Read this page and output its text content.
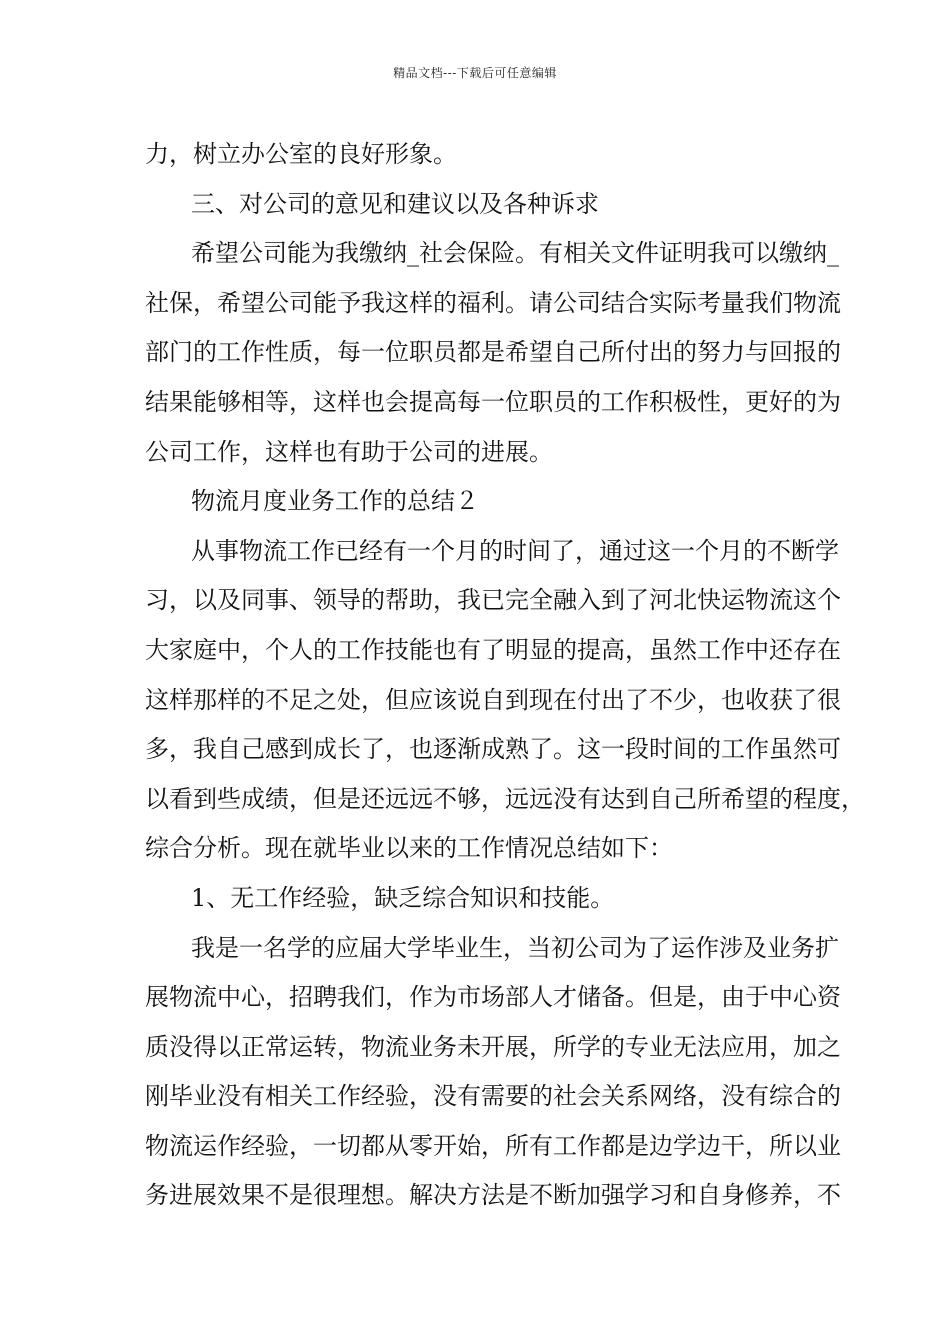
精品文档---下载后可任意编辑
力，树立办公室的良好形象。
三、对公司的意见和建议以及各种诉求
希望公司能为我缴纳_社会保险。有相关文件证明我可以缴纳_
社保，希望公司能予我这样的福利。请公司结合实际考量我们物流
部门的工作性质，每一位职员都是希望自己所付出的努力与回报的
结果能够相等，这样也会提高每一位职员的工作积极性，更好的为
公司工作，这样也有助于公司的进展。
物流月度业务工作的总结２
从事物流工作已经有一个月的时间了，通过这一个月的不断学
习，以及同事、领导的帮助，我已完全融入到了河北快运物流这个
大家庭中，个人的工作技能也有了明显的提高，虽然工作中还存在
这样那样的不足之处，但应该说自到现在付出了不少，也收获了很
多，我自己感到成长了，也逐渐成熟了。这一段时间的工作虽然可
以看到些成绩，但是还远远不够，远远没有达到自己所希望的程度，
综合分析。现在就毕业以来的工作情况总结如下：
1、无工作经验，缺乏综合知识和技能。
我是一名学的应届大学毕业生，当初公司为了运作涉及业务扩
展物流中心，招聘我们，作为市场部人才储备。但是，由于中心资
质没得以正常运转，物流业务未开展，所学的专业无法应用，加之
刚毕业没有相关工作经验，没有需要的社会关系网络，没有综合的
物流运作经验，一切都从零开始，所有工作都是边学边干，所以业
务进展效果不是很理想。解决方法是不断加强学习和自身修养，不
